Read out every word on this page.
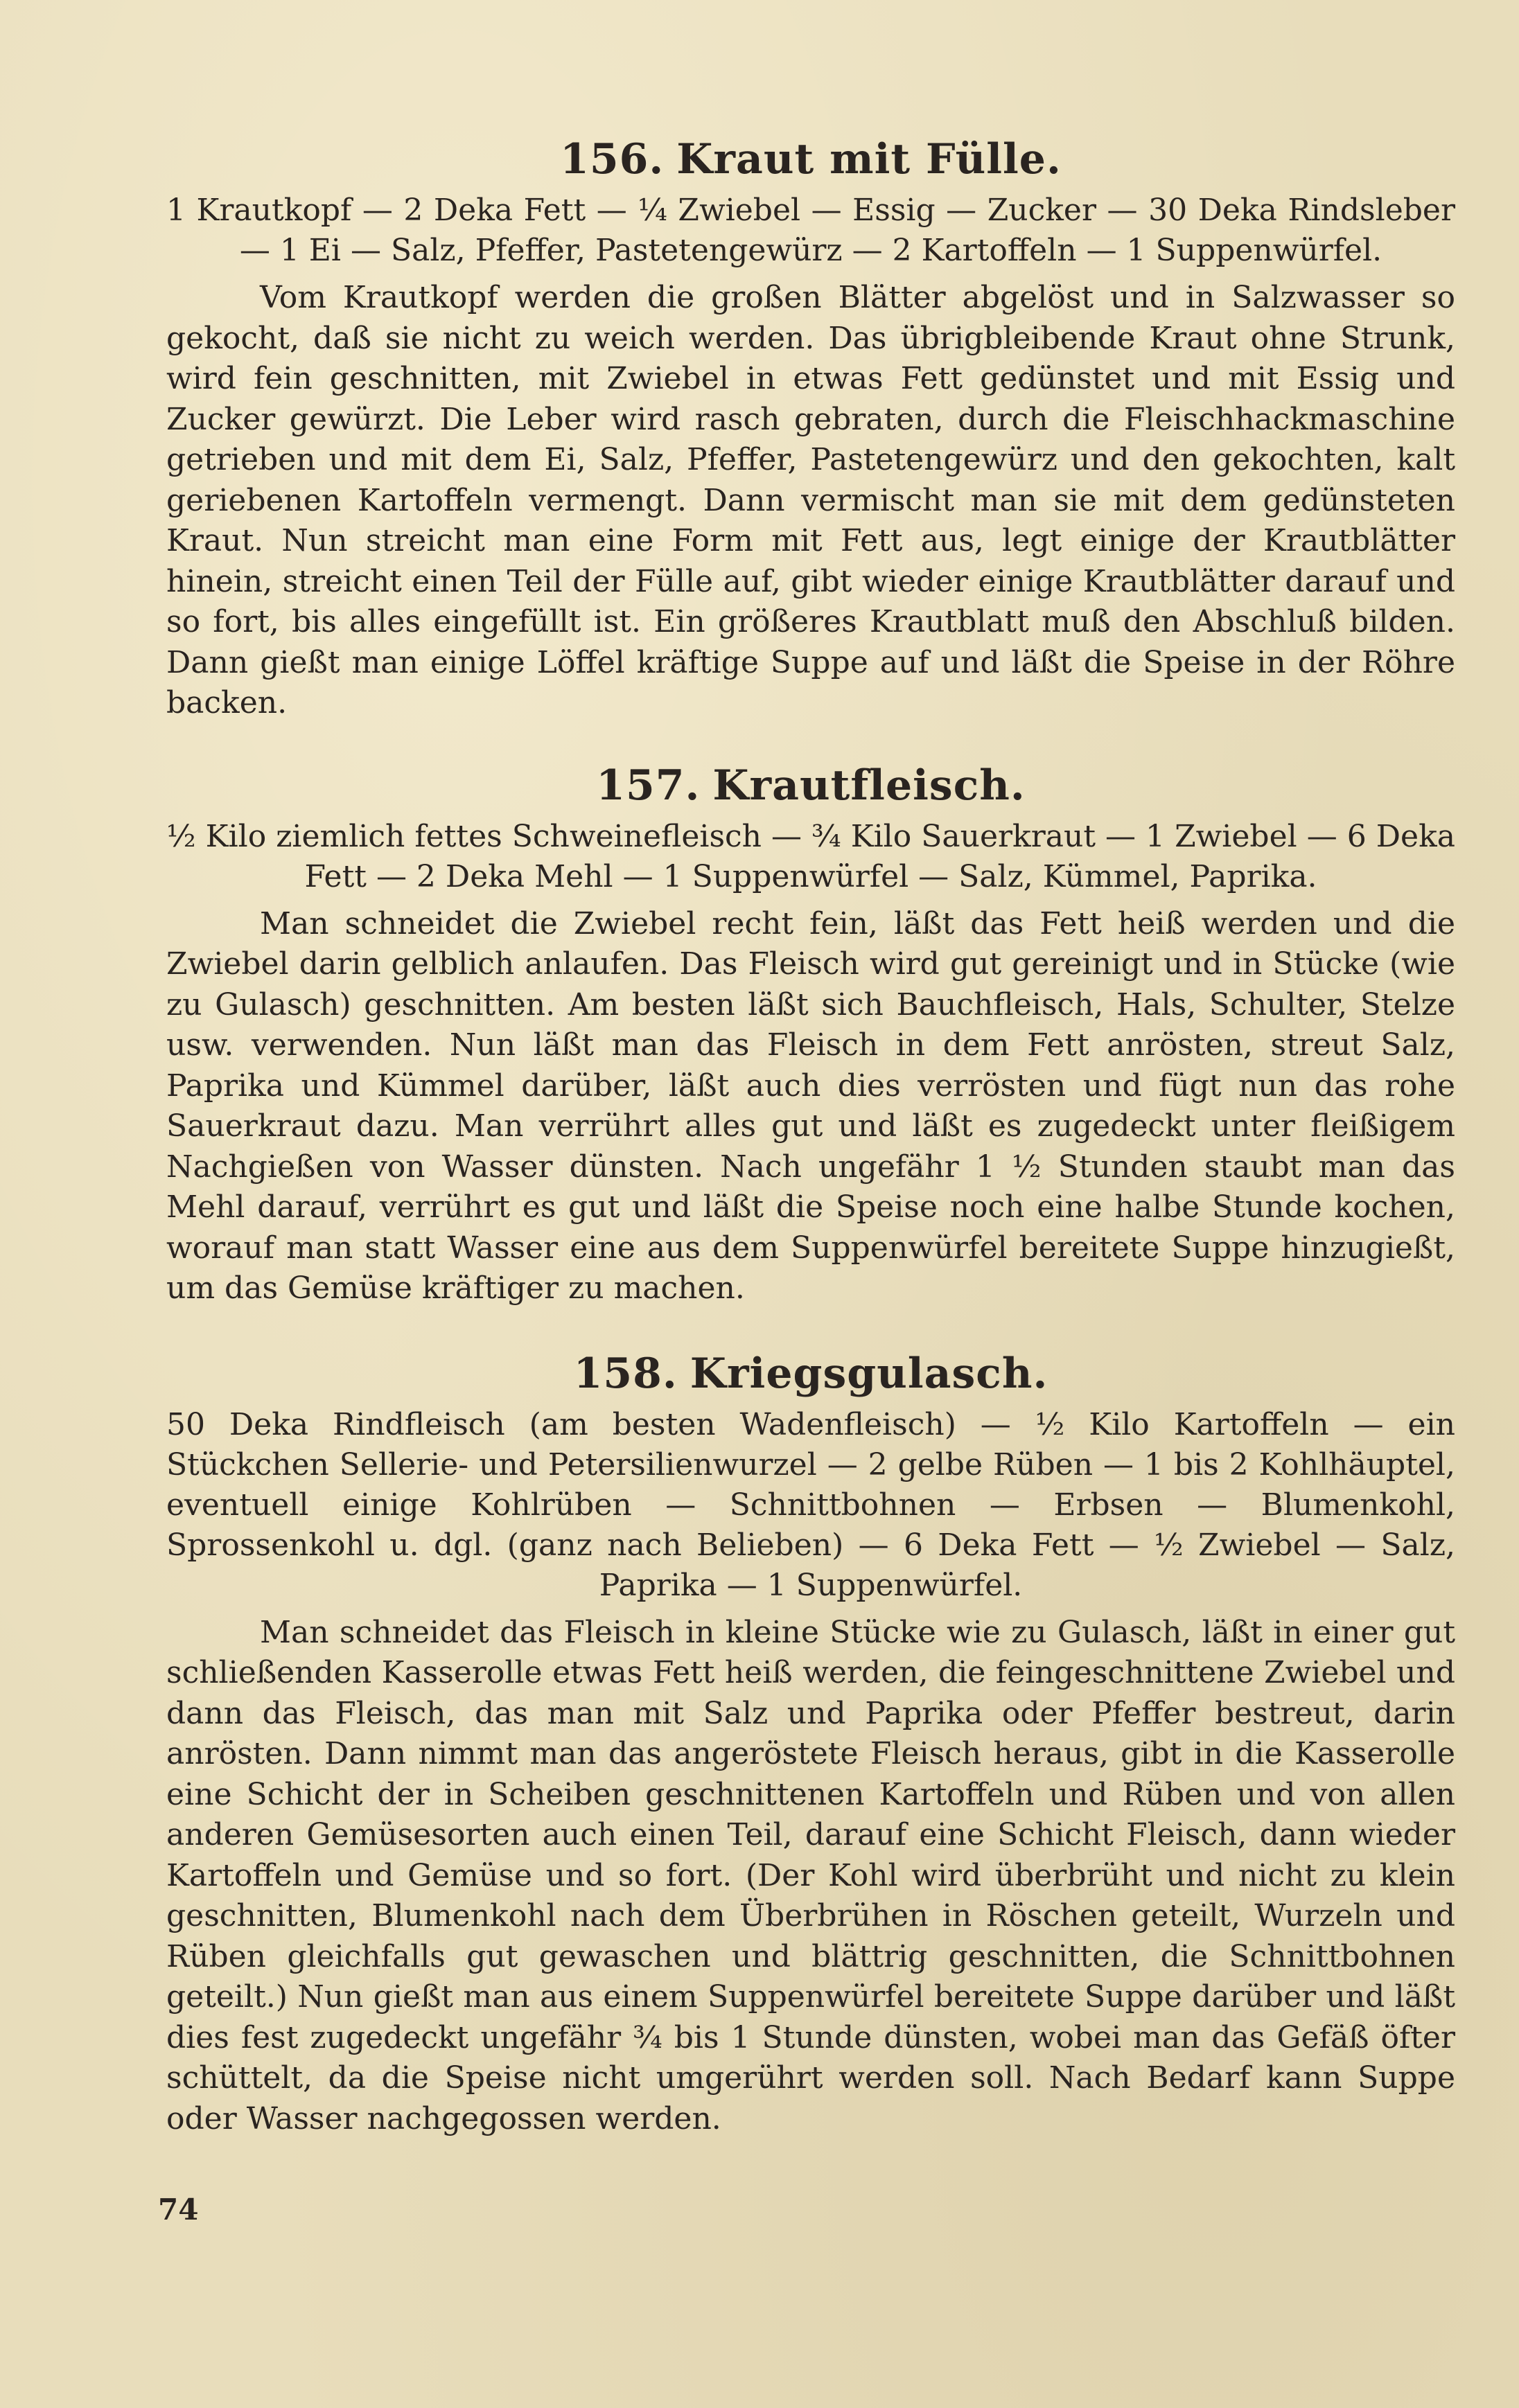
156. Kraut mit Fülle.

1 Krautkopf — 2 Deka Fett — ¼ Zwiebel — Essig — Zucker — 30 Deka Rindsleber — 1 Ei — Salz, Pfeffer, Pastetengewürz — 2 Kartoffeln — 1 Suppenwürfel.

Vom Krautkopf werden die großen Blätter abgelöst und in Salzwasser so gekocht, daß sie nicht zu weich werden. Das übrigbleibende Kraut ohne Strunk, wird fein geschnitten, mit Zwiebel in etwas Fett gedünstet und mit Essig und Zucker gewürzt. Die Leber wird rasch gebraten, durch die Fleischhackmaschine getrieben und mit dem Ei, Salz, Pfeffer, Pastetengewürz und den gekochten, kalt geriebenen Kartoffeln vermengt. Dann vermischt man sie mit dem gedünsteten Kraut. Nun streicht man eine Form mit Fett aus, legt einige der Krautblätter hinein, streicht einen Teil der Fülle auf, gibt wieder einige Krautblätter darauf und so fort, bis alles eingefüllt ist. Ein größeres Krautblatt muß den Abschluß bilden. Dann gießt man einige Löffel kräftige Suppe auf und läßt die Speise in der Röhre backen.

157. Krautfleisch.

½ Kilo ziemlich fettes Schweinefleisch — ¾ Kilo Sauerkraut — 1 Zwiebel — 6 Deka Fett — 2 Deka Mehl — 1 Suppenwürfel — Salz, Kümmel, Paprika.

Man schneidet die Zwiebel recht fein, läßt das Fett heiß werden und die Zwiebel darin gelblich anlaufen. Das Fleisch wird gut gereinigt und in Stücke (wie zu Gulasch) geschnitten. Am besten läßt sich Bauchfleisch, Hals, Schulter, Stelze usw. verwenden. Nun läßt man das Fleisch in dem Fett anrösten, streut Salz, Paprika und Kümmel darüber, läßt auch dies verrösten und fügt nun das rohe Sauerkraut dazu. Man verrührt alles gut und läßt es zugedeckt unter fleißigem Nachgießen von Wasser dünsten. Nach ungefähr 1 ½ Stunden staubt man das Mehl darauf, verrührt es gut und läßt die Speise noch eine halbe Stunde kochen, worauf man statt Wasser eine aus dem Suppenwürfel bereitete Suppe hinzugießt, um das Gemüse kräftiger zu machen.

158. Kriegsgulasch.

50 Deka Rindfleisch (am besten Wadenfleisch) — ½ Kilo Kartoffeln — ein Stückchen Sellerie- und Petersilienwurzel — 2 gelbe Rüben — 1 bis 2 Kohlhäuptel, eventuell einige Kohlrüben — Schnittbohnen — Erbsen — Blumenkohl, Sprossenkohl u. dgl. (ganz nach Belieben) — 6 Deka Fett — ½ Zwiebel — Salz, Paprika — 1 Suppenwürfel.

Man schneidet das Fleisch in kleine Stücke wie zu Gulasch, läßt in einer gut schließenden Kasserolle etwas Fett heiß werden, die feingeschnittene Zwiebel und dann das Fleisch, das man mit Salz und Paprika oder Pfeffer bestreut, darin anrösten. Dann nimmt man das angeröstete Fleisch heraus, gibt in die Kasserolle eine Schicht der in Scheiben geschnittenen Kartoffeln und Rüben und von allen anderen Gemüsesorten auch einen Teil, darauf eine Schicht Fleisch, dann wieder Kartoffeln und Gemüse und so fort. (Der Kohl wird überbrüht und nicht zu klein geschnitten, Blumenkohl nach dem Überbrühen in Röschen geteilt, Wurzeln und Rüben gleichfalls gut gewaschen und blättrig geschnitten, die Schnittbohnen geteilt.) Nun gießt man aus einem Suppenwürfel bereitete Suppe darüber und läßt dies fest zugedeckt ungefähr ¾ bis 1 Stunde dünsten, wobei man das Gefäß öfter schüttelt, da die Speise nicht umgerührt werden soll. Nach Bedarf kann Suppe oder Wasser nachgegossen werden.

74
